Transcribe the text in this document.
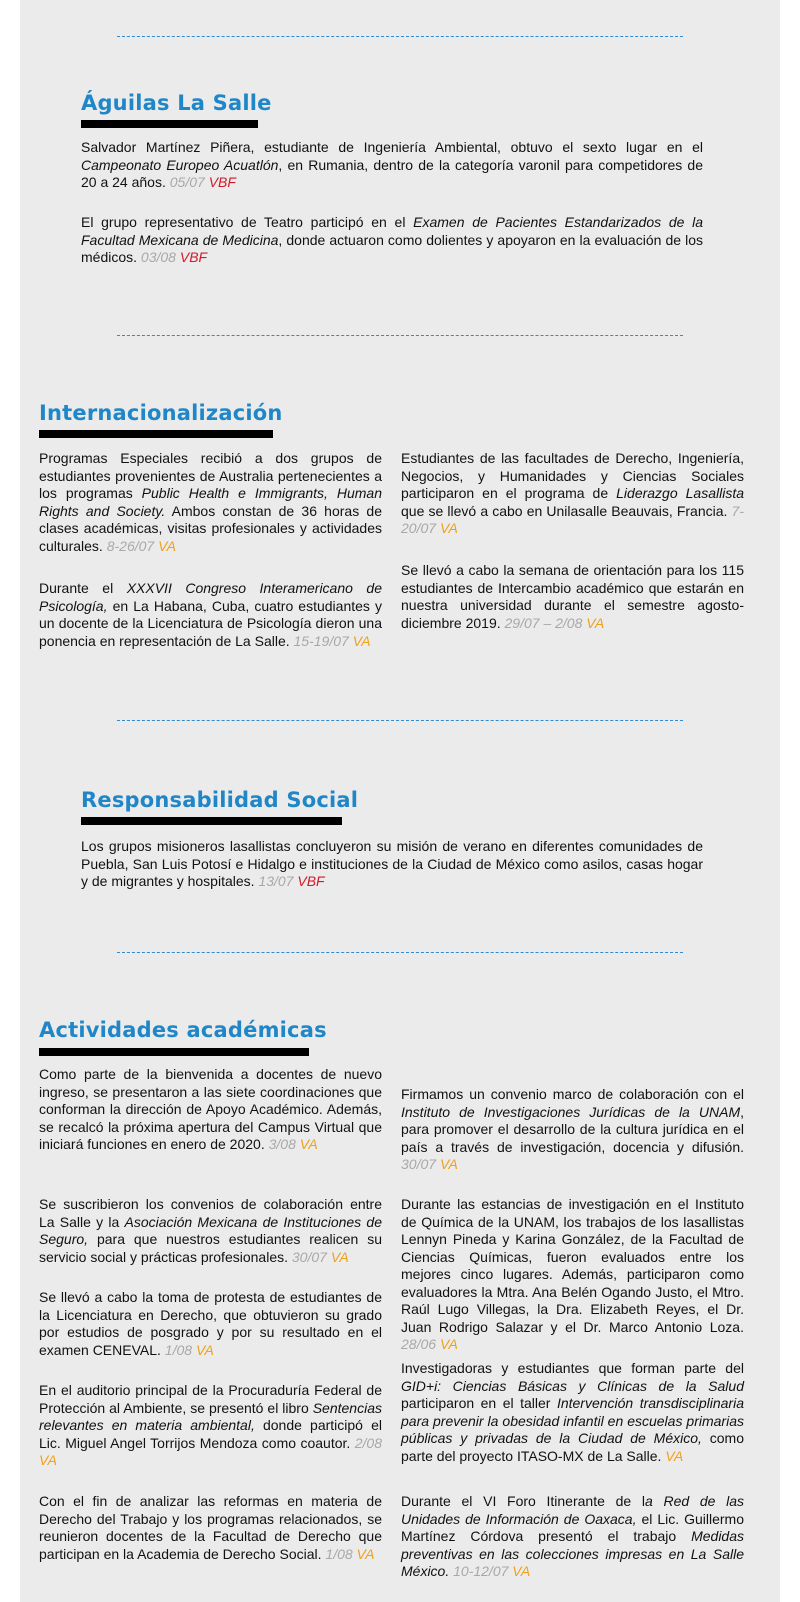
Águilas La Salle

Salvador Martínez Piñera, estudiante de Ingeniería Ambiental, obtuvo el sexto lugar en el Campeonato Europeo Acuatlón, en Rumania, dentro de la categoría varonil para competidores de 20 a 24 años. 05/07 VBF

El grupo representativo de Teatro participó en el Examen de Pacientes Estandarizados de la Facultad Mexicana de Medicina, donde actuaron como dolientes y apoyaron en la evaluación de los médicos. 03/08 VBF

Internacionalización

Programas Especiales recibió a dos grupos de estudiantes provenientes de Australia pertenecientes a los programas Public Health e Immigrants, Human Rights and Society. Ambos constan de 36 horas de clases académicas, visitas profesionales y actividades culturales. 8-26/07 VA

Durante el XXXVII Congreso Interamericano de Psicología, en La Habana, Cuba, cuatro estudiantes y un docente de la Licenciatura de Psicología dieron una ponencia en representación de La Salle. 15-19/07 VA

Estudiantes de las facultades de Derecho, Ingeniería, Negocios, y Humanidades y Ciencias Sociales participaron en el programa de Liderazgo Lasallista que se llevó a cabo en Unilasalle Beauvais, Francia. 7-20/07 VA

Se llevó a cabo la semana de orientación para los 115 estudiantes de Intercambio académico que estarán en nuestra universidad durante el semestre agosto-diciembre 2019. 29/07 – 2/08 VA

Responsabilidad Social

Los grupos misioneros lasallistas concluyeron su misión de verano en diferentes comunidades de Puebla, San Luis Potosí e Hidalgo e instituciones de la Ciudad de México como asilos, casas hogar y de migrantes y hospitales. 13/07 VBF

Actividades académicas

Como parte de la bienvenida a docentes de nuevo ingreso, se presentaron a las siete coordinaciones que conforman la dirección de Apoyo Académico. Además, se recalcó la próxima apertura del Campus Virtual que iniciará funciones en enero de 2020. 3/08 VA

Se suscribieron los convenios de colaboración entre La Salle y la Asociación Mexicana de Instituciones de Seguro, para que nuestros estudiantes realicen su servicio social y prácticas profesionales. 30/07 VA

Se llevó a cabo la toma de protesta de estudiantes de la Licenciatura en Derecho, que obtuvieron su grado por estudios de posgrado y por su resultado en el examen CENEVAL. 1/08 VA

En el auditorio principal de la Procuraduría Federal de Protección al Ambiente, se presentó el libro Sentencias relevantes en materia ambiental, donde participó el Lic. Miguel Angel Torrijos Mendoza como coautor. 2/08 VA

Con el fin de analizar las reformas en materia de Derecho del Trabajo y los programas relacionados, se reunieron docentes de la Facultad de Derecho que participan en la Academia de Derecho Social. 1/08 VA

Firmamos un convenio marco de colaboración con el Instituto de Investigaciones Jurídicas de la UNAM, para promover el desarrollo de la cultura jurídica en el país a través de investigación, docencia y difusión. 30/07 VA

Durante las estancias de investigación en el Instituto de Química de la UNAM, los trabajos de los lasallistas Lennyn Pineda y Karina González, de la Facultad de Ciencias Químicas, fueron evaluados entre los mejores cinco lugares. Además, participaron como evaluadores la Mtra. Ana Belén Ogando Justo, el Mtro. Raúl Lugo Villegas, la Dra. Elizabeth Reyes, el Dr. Juan Rodrigo Salazar y el Dr. Marco Antonio Loza. 28/06 VA

Investigadoras y estudiantes que forman parte del GID+i: Ciencias Básicas y Clínicas de la Salud participaron en el taller Intervención transdisciplinaria para prevenir la obesidad infantil en escuelas primarias públicas y privadas de la Ciudad de México, como parte del proyecto ITASO-MX de La Salle. VA

Durante el VI Foro Itinerante de la Red de las Unidades de Información de Oaxaca, el Lic. Guillermo Martínez Córdova presentó el trabajo Medidas preventivas en las colecciones impresas en La Salle México. 10-12/07 VA
